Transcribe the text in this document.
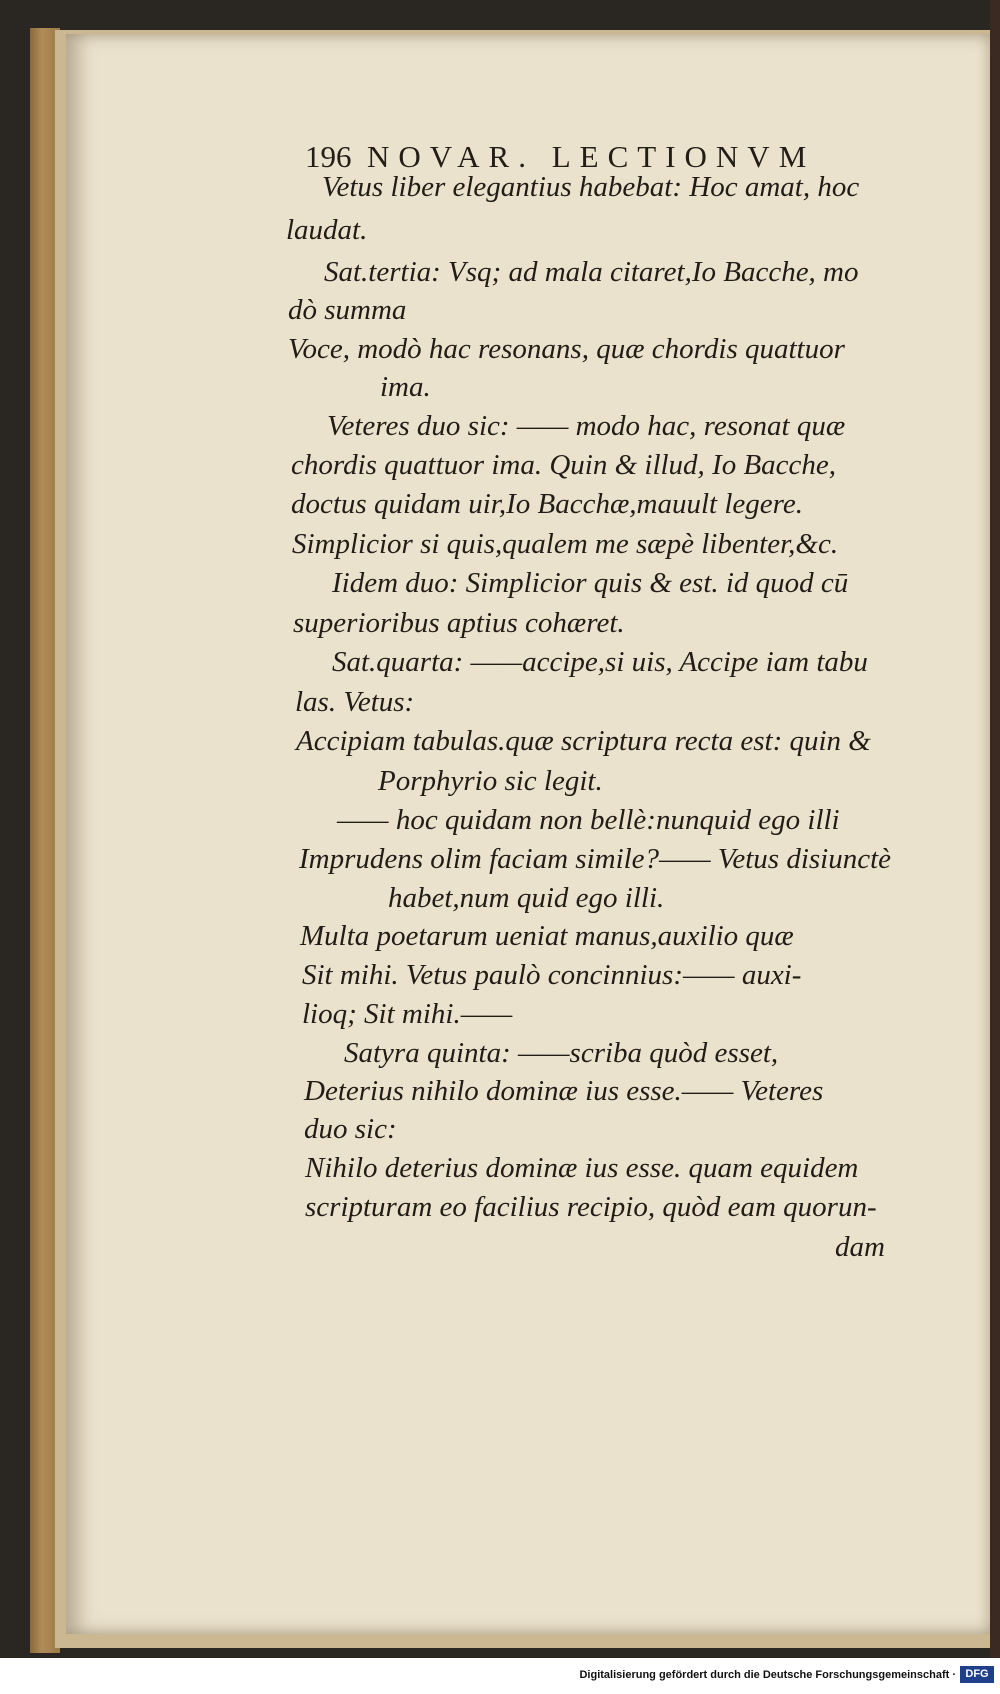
196 NOVAR. LECTIONVM
Vetus liber elegantius habebat: Hoc amat, hoc
laudat.
Sat.tertia: Vsq; ad mala citaret,Io Bacche, mo
dò summa
Voce, modò hac resonans, quæ chordis quattuor
ima.
Veteres duo sic: —— modo hac, resonat quæ
chordis quattuor ima. Quin & illud, Io Bacche,
doctus quidam uir,Io Bacchæ,mauult legere.
Simplicior si quis,qualem me sæpè libenter,&c.
Iidem duo: Simplicior quis & est. id quod cū
superioribus aptius cohæret.
Sat.quarta: ——accipe,si uis, Accipe iam tabu
las. Vetus:
Accipiam tabulas.quæ scriptura recta est: quin &
Porphyrio sic legit.
—— hoc quidam non bellè:nunquid ego illi
Imprudens olim faciam simile?—— Vetus disiunctè
habet,num quid ego illi.
Multa poetarum ueniat manus,auxilio quæ
Sit mihi. Vetus paulò concinnius:—— auxi-
lioq; Sit mihi.——
Satyra quinta: ——scriba quòd esset,
Deterius nihilo dominæ ius esse.—— Veteres
duo sic:
Nihilo deterius dominæ ius esse. quam equidem
scripturam eo facilius recipio, quòd eam quorun-
dam
Digitalisierung gefördert durch die Deutsche Forschungsgemeinschaft · DFG
